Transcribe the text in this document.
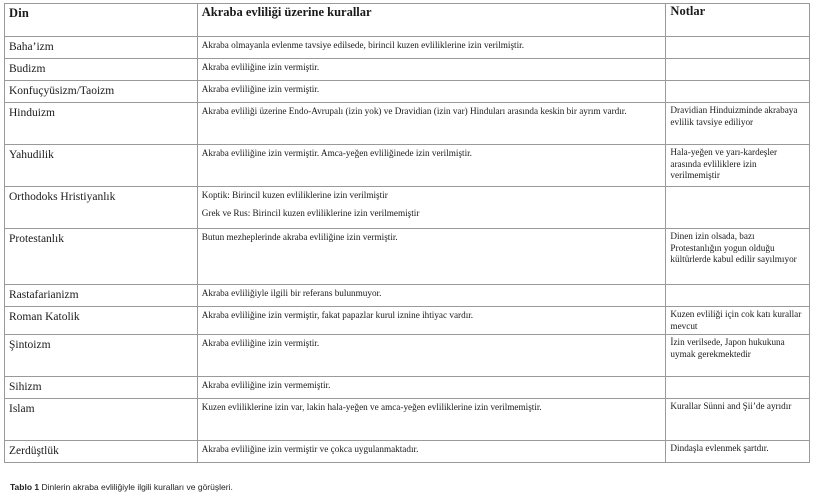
Din	Akraba evliliği üzerine kurallar	Notlar
Baha’izm	Akraba olmayanla evlenme tavsiye edilsede, birincil kuzen evliliklerine izin verilmiştir.	

Budizm	Akraba evliliğine izin vermiştir.	

Konfuçyüsizm/Taoizm	Akraba evliliğine izin vermiştir.	

Hinduizm	Akraba evliliği üzerine Endo-Avrupalı (izin yok) ve Dravidian (izin var) Hinduları arasında keskin bir ayrım vardır.	Dravidian Hinduizminde akrabaya evlilik tavsiye ediliyor
Yahudilik	Akraba evliliğine izin vermiştir. Amca-yeğen evliliğinede izin verilmiştir.	Hala-yeğen ve yarı-kardeşler arasında evliliklere izin verilmemiştir
Orthodoks Hristiyanlık	Koptik: Birincil kuzen evliliklerine izin verilmiştir
Grek ve Rus: Birincil kuzen evliliklerine izin verilmemiştir	

Protestanlık	Butun mezheplerinde akraba evliliğine izin vermiştir.	Dinen izin olsada, bazı Protestanlığın yogun olduğu kültürlerde kabul edilir sayılmıyor
Rastafarianizm	Akraba evliliğiyle ilgili bir referans bulunmuyor.	

Roman Katolik	Akraba evliliğine izin vermiştir, fakat papazlar kurul iznine ihtiyac vardır.	Kuzen evliliği için cok katı kurallar mevcut
Şintoizm	Akraba evliliğine izin vermiştir.	İzin verilsede, Japon hukukuna uymak gerekmektedir
Sihizm	Akraba evliliğine izin vermemiştir.	

Islam	Kuzen evliliklerine izin var, lakin hala-yeğen ve amca-yeğen evliliklerine izin verilmemiştir.	Kurallar Sünni and Şii’de ayrıdır
Zerdüştlük	Akraba evliliğine izin vermiştir ve çokca uygulanmaktadır.	Dindaşla evlenmek şartdır.
Tablo 1 Dinlerin akraba evliliğiyle ilgili kuralları ve görüşleri.
